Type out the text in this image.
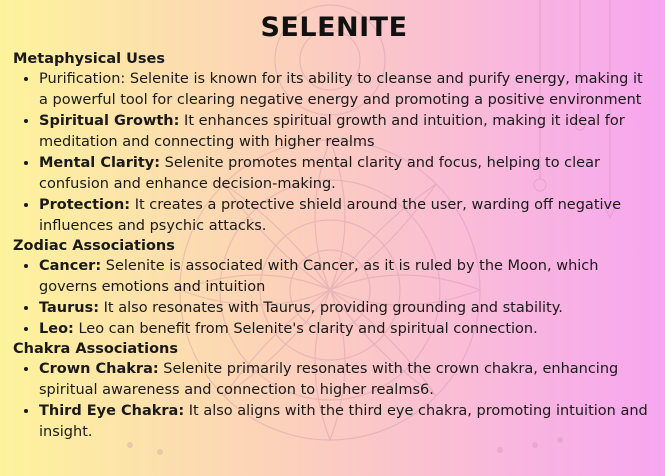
SELENITE
Metaphysical Uses
• Purification: Selenite is known for its ability to cleanse and purify energy, making it a powerful tool for clearing negative energy and promoting a positive environment
• Spiritual Growth: It enhances spiritual growth and intuition, making it ideal for meditation and connecting with higher realms
• Mental Clarity: Selenite promotes mental clarity and focus, helping to clear confusion and enhance decision-making.
• Protection: It creates a protective shield around the user, warding off negative influences and psychic attacks.
Zodiac Associations
• Cancer: Selenite is associated with Cancer, as it is ruled by the Moon, which governs emotions and intuition
• Taurus: It also resonates with Taurus, providing grounding and stability.
• Leo: Leo can benefit from Selenite's clarity and spiritual connection.
Chakra Associations
• Crown Chakra: Selenite primarily resonates with the crown chakra, enhancing spiritual awareness and connection to higher realms6.
• Third Eye Chakra: It also aligns with the third eye chakra, promoting intuition and insight.
